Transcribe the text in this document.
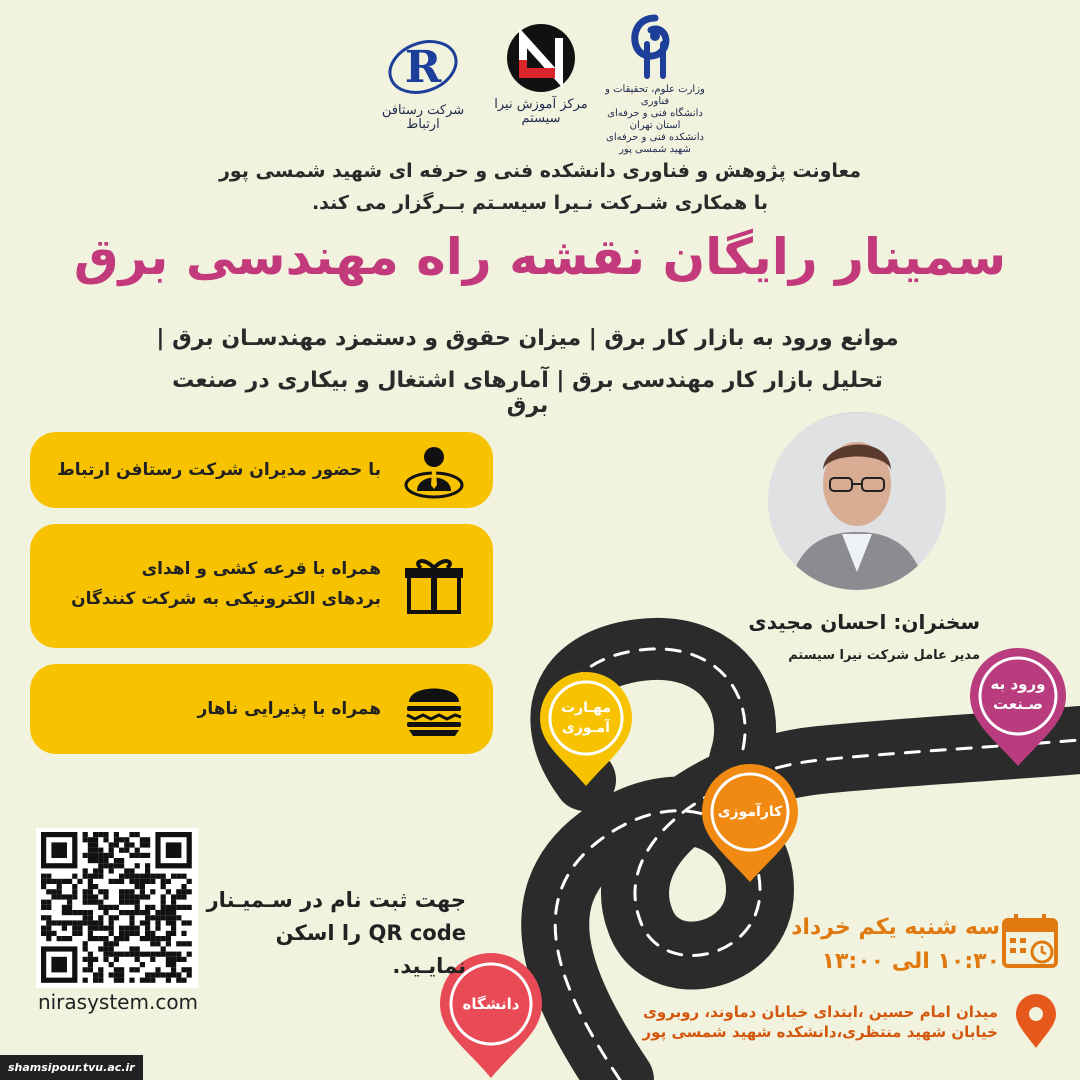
وزارت علوم، تحقیقات و فناوری
دانشگاه فنی و حرفه‌ای استان تهران
دانشکده فنی و حرفه‌ای شهید شمسی پور
مرکز آموزش نیرا سیستم
R
شرکت رستافن ارتباط
معاونت پژوهش و فناوری دانشکده فنی و حرفه ای شهید شمسی پور
با همکاری شـرکت نـیرا سیسـتم بــرگزار می کند.
سمینار رایگان نقشه راه مهندسی برق
موانع ورود به بازار کار برق | میزان حقوق و دستمزد مهندسـان برق |
تحلیل بازار کار مهندسی برق | آمارهای اشتغال و بیکاری در صنعت برق
با حضور مدیران شرکت رستافن ارتباط
همراه با قرعه کشی و اهدای
بردهای الکترونیکی به شرکت کنندگان
همراه با پذیرایی ناهار
سخنران: احسان مجیدی
مدیر عامل شرکت نیرا سیستم
دانشگاه
مهـارت
آمـوزی
کارآموزی
ورود به
صـنعت
nirasystem.com
جهت ثبت نام در سـمیـنار
QR code را اسکن نمایـید.
سه شنبه یکم خرداد
۱۰:۳۰ الی ۱۳:۰۰
میدان امام حسین ،ابتدای خیابان دماوند، روبروی
خیابان شهید منتظری،دانشکده شهید شمسی پور
shamsipour.tvu.ac.ir
